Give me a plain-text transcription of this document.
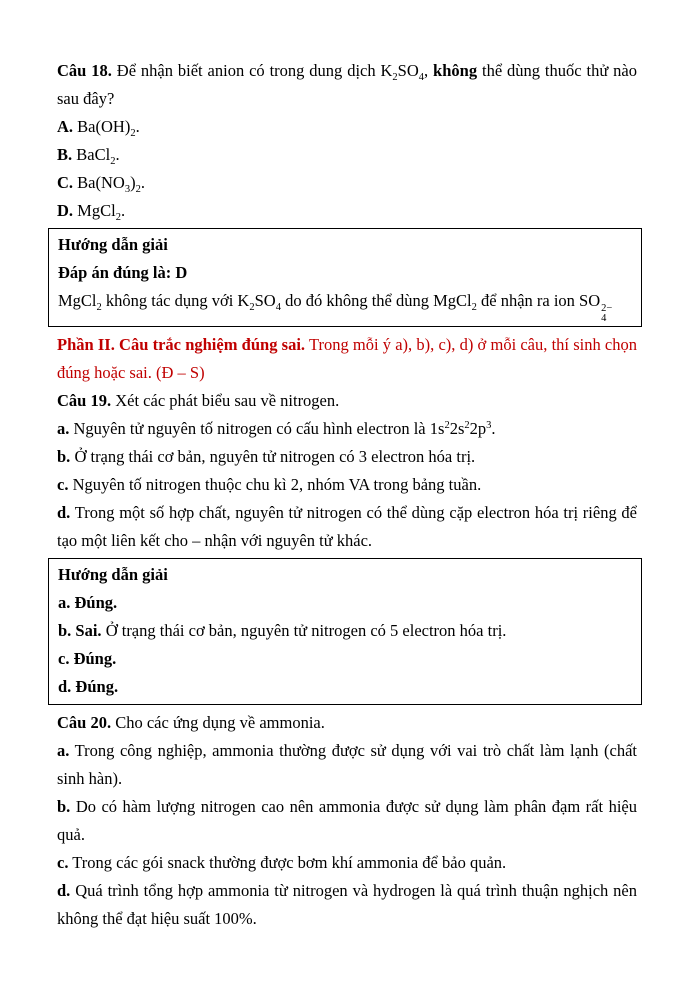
Câu 18. Để nhận biết anion có trong dung dịch $K_2SO_4$, không thể dùng thuốc thử nào sau đây?

A. $Ba(OH)_2$.

B. BaCl$_2$.

C. $Ba(NO_3)_2$.

D. MgCl$_2$.

Hướng dẫn giải

Đáp án đúng là: D

MgCl$_2$ không tác dụng với $K_2SO_4$ do đó không thể dùng MgCl$_2$ để nhận ra ion SO 2−
4

Phần II. Câu trắc nghiệm đúng sai. Trong mỗi ý a), b), c), d) ở mỗi câu, thí sinh chọn đúng hoặc sai. (Đ – S)

Câu 19. Xét các phát biểu sau về nitrogen.

a. Nguyên tử nguyên tố nitrogen có cấu hình electron là $1s^22s^22p^3$.

b. Ở trạng thái cơ bản, nguyên tử nitrogen có 3 electron hóa trị.

c. Nguyên tố nitrogen thuộc chu kì 2, nhóm VA trong bảng tuần.

d. Trong một số hợp chất, nguyên tử nitrogen có thể dùng cặp electron hóa trị riêng để tạo một liên kết cho – nhận với nguyên tử khác.

Hướng dẫn giải

a. Đúng.

b. Sai. Ở trạng thái cơ bản, nguyên tử nitrogen có 5 electron hóa trị.

c. Đúng.

d. Đúng.

Câu 20. Cho các ứng dụng về ammonia.

a. Trong công nghiệp, ammonia thường được sử dụng với vai trò chất làm lạnh (chất sinh hàn).

b. Do có hàm lượng nitrogen cao nên ammonia được sử dụng làm phân đạm rất hiệu quả.

c. Trong các gói snack thường được bơm khí ammonia để bảo quản.

d. Quá trình tổng hợp ammonia từ nitrogen và hydrogen là quá trình thuận nghịch nên không thể đạt hiệu suất 100%.
